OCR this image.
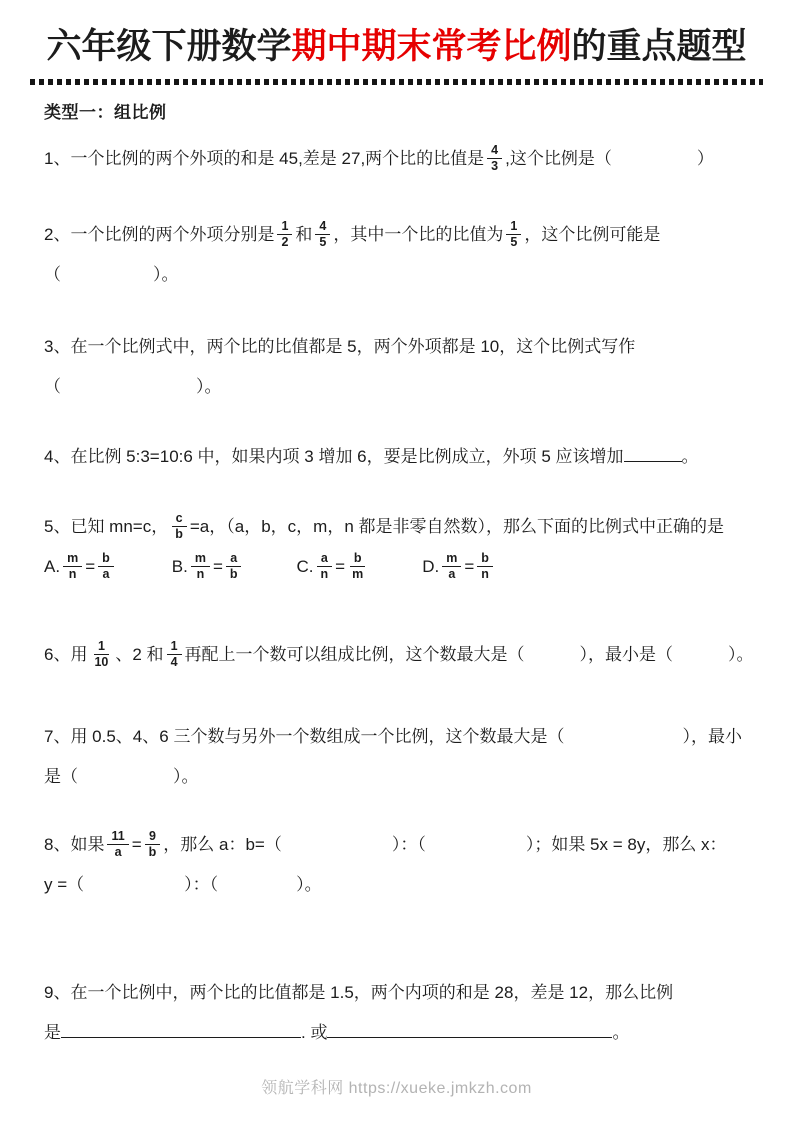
六年级下册数学期中期末常考比例的重点题型
类型一：组比例
1、一个比例的两个外项的和是 45,差是 27,两个比的比值是 $\frac{4}{3}$ ,这个比例是（	）
2、一个比例的两个外项分别是 $\frac{1}{2}$ 和 $\frac{4}{5}$ ，其中一个比的比值为 $\frac{1}{5}$ ，这个比例可能是
（	）。
3、在一个比例式中，两个比的比值都是 5，两个外项都是 10，这个比例式写作
（	）。
4、在比例 5:3=10:6 中，如果内项 3 增加 6，要是比例成立，外项 5 应该增加	。
5、已知 mn=c， $\frac{c}{b} =a$，（a，b，c，m，n 都是非零自然数），那么下面的比例式中正确的是
A. $\frac{m}{n} = \frac{b}{a}$	B. $\frac{m}{n} = \frac{a}{b}$	C. $\frac{a}{n} = \frac{b}{m}$	D. $\frac{m}{a} = \frac{b}{n}$
6、用 $\frac{1}{10}$ 、2 和 $\frac{1}{4}$ 再配上一个数可以组成比例，这个数最大是（	），最小是（	）。
7、用 0.5、4、6 三个数与另外一个数组成一个比例，这个数最大是（	），最小
是（	）。
8、如果 $\frac{11}{a} = \frac{9}{b}$ ，那么 a：b=（	）：（	）；如果 5x = 8y，那么 x：
y =（	）：（	）。
9、在一个比例中，两个比的比值都是 1.5，两个内项的和是 28，差是 12，那么比例
是	. 或	。
领航学科网 https://xueke.jmkzh.com
